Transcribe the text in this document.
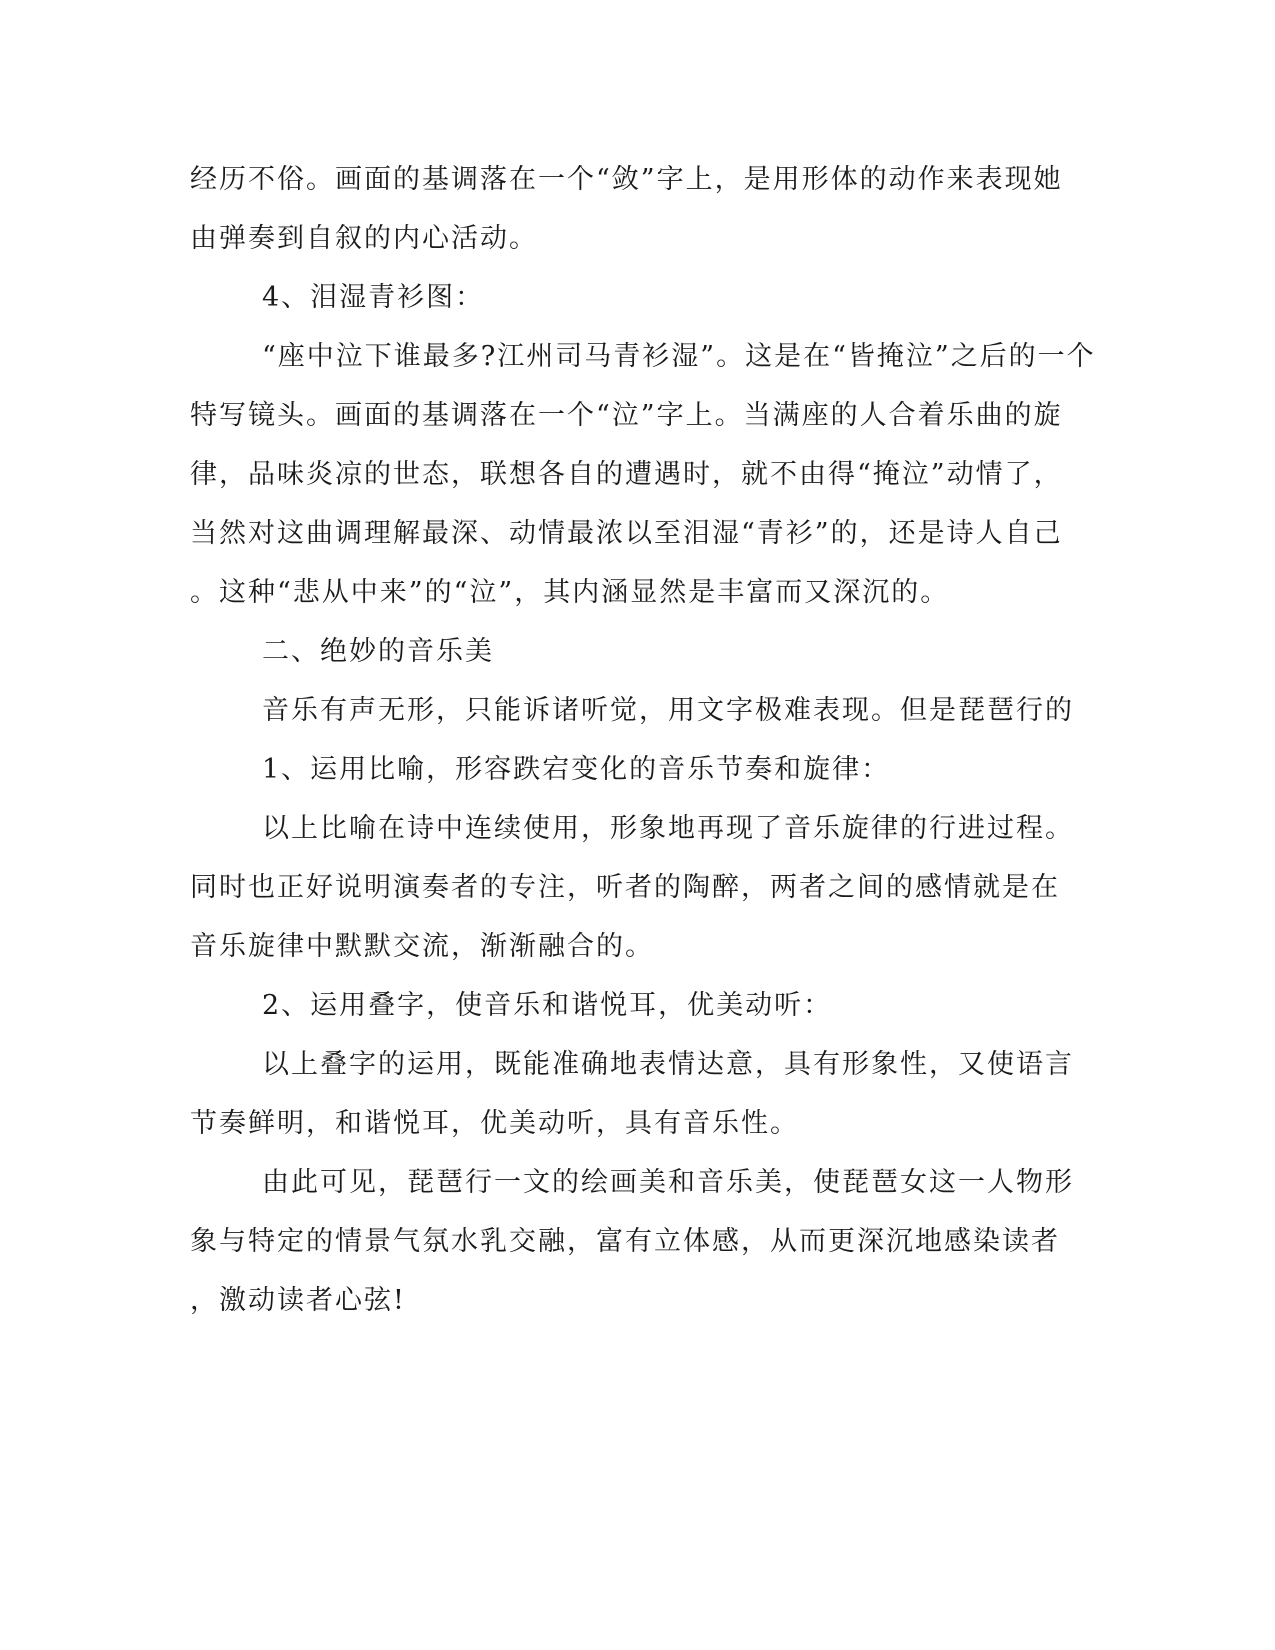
经历不俗。画面的基调落在一个“敛”字上，是用形体的动作来表现她
由弹奏到自叙的内心活动。
4、泪湿青衫图：
“座中泣下谁最多?江州司马青衫湿”。这是在“皆掩泣”之后的一个
特写镜头。画面的基调落在一个“泣”字上。当满座的人合着乐曲的旋
律，品味炎凉的世态，联想各自的遭遇时，就不由得“掩泣”动情了，
当然对这曲调理解最深、动情最浓以至泪湿“青衫”的，还是诗人自己
。这种“悲从中来”的“泣”，其内涵显然是丰富而又深沉的。
二、绝妙的音乐美
音乐有声无形，只能诉诸听觉，用文字极难表现。但是琵琶行的
1、运用比喻，形容跌宕变化的音乐节奏和旋律：
以上比喻在诗中连续使用，形象地再现了音乐旋律的行进过程。
同时也正好说明演奏者的专注，听者的陶醉，两者之间的感情就是在
音乐旋律中默默交流，渐渐融合的。
2、运用叠字，使音乐和谐悦耳，优美动听：
以上叠字的运用，既能准确地表情达意，具有形象性，又使语言
节奏鲜明，和谐悦耳，优美动听，具有音乐性。
由此可见，琵琶行一文的绘画美和音乐美，使琵琶女这一人物形
象与特定的情景气氛水乳交融，富有立体感，从而更深沉地感染读者
，激动读者心弦!
